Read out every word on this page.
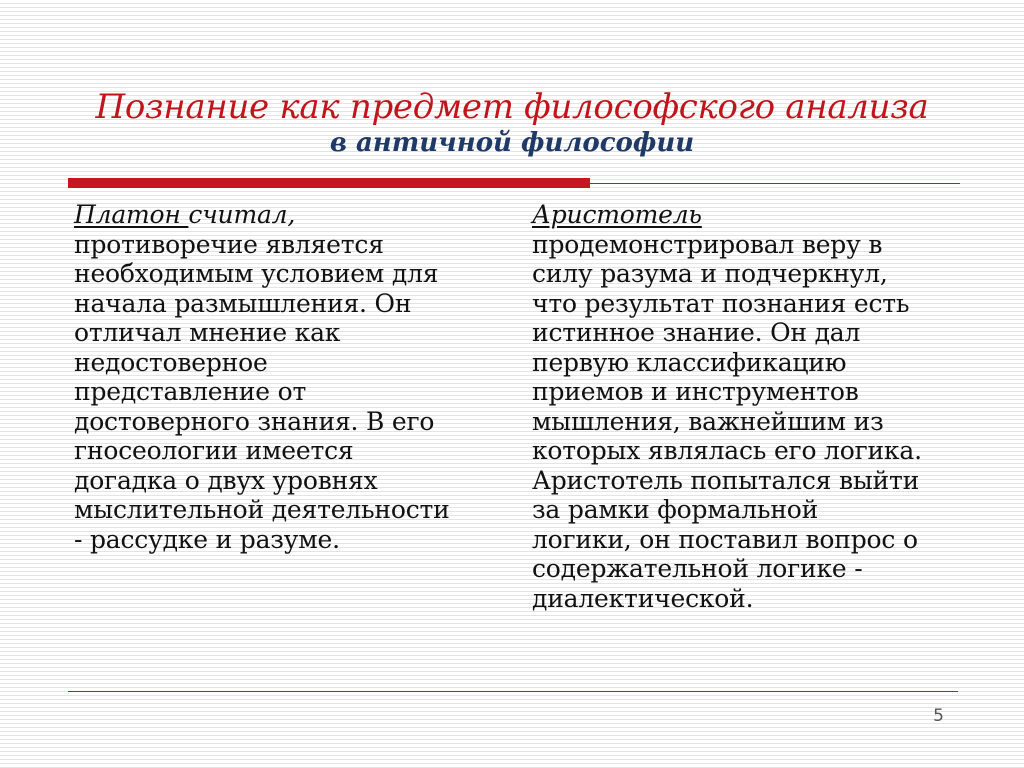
Познание как предмет философского анализа
в античной философии
Платон считал,
противоречие является
необходимым условием для
начала размышления. Он
отличал мнение как
недостоверное
представление от
достоверного знания. В его
гносеологии имеется
догадка о двух уровнях
мыслительной деятельности
- рассудке и разуме.
Аристотель
продемонстрировал веру в
силу разума и подчеркнул,
что результат познания есть
истинное знание. Он дал
первую классификацию
приемов и инструментов
мышления, важнейшим из
которых являлась его логика.
Аристотель попытался выйти
за рамки формальной
логики, он поставил вопрос о
содержательной логике -
диалектической.
5
